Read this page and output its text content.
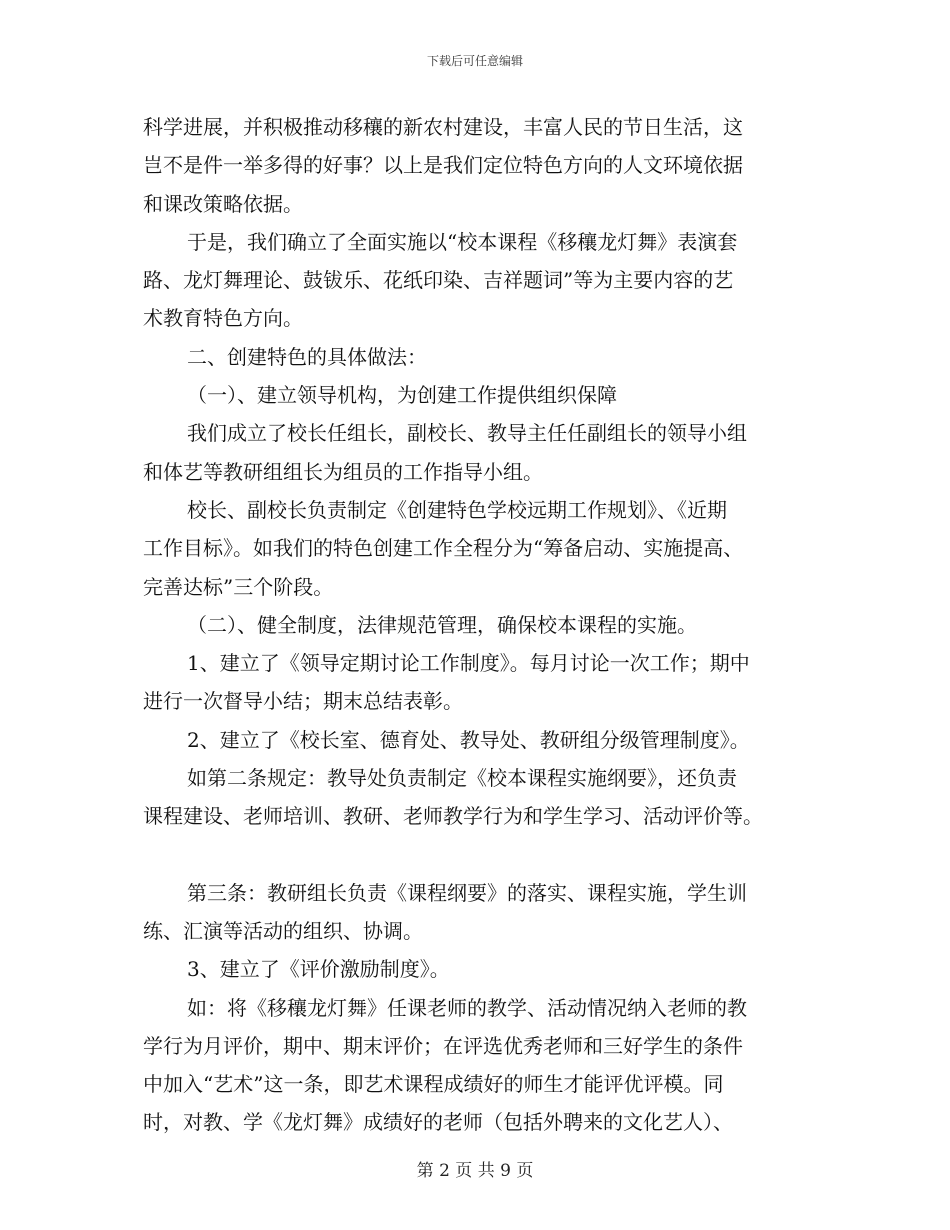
下载后可任意编辑
科学进展，并积极推动移穰的新农村建设，丰富人民的节日生活，这
岂不是件一举多得的好事？以上是我们定位特色方向的人文环境依据
和课改策略依据。
于是，我们确立了全面实施以“校本课程《移穰龙灯舞》表演套
路、龙灯舞理论、鼓钹乐、花纸印染、吉祥题词”等为主要内容的艺
术教育特色方向。
二、创建特色的具体做法：
（一）、建立领导机构，为创建工作提供组织保障
我们成立了校长任组长，副校长、教导主任任副组长的领导小组
和体艺等教研组组长为组员的工作指导小组。
校长、副校长负责制定《创建特色学校远期工作规划》、《近期
工作目标》。如我们的特色创建工作全程分为“筹备启动、实施提高、
完善达标”三个阶段。
（二）、健全制度，法律规范管理，确保校本课程的实施。
1、建立了《领导定期讨论工作制度》。每月讨论一次工作；期中
进行一次督导小结；期末总结表彰。
2、建立了《校长室、德育处、教导处、教研组分级管理制度》。
如第二条规定：教导处负责制定《校本课程实施纲要》，还负责
课程建设、老师培训、教研、老师教学行为和学生学习、活动评价等。
第三条：教研组长负责《课程纲要》的落实、课程实施，学生训
练、汇演等活动的组织、协调。
3、建立了《评价激励制度》。
如：将《移穰龙灯舞》任课老师的教学、活动情况纳入老师的教
学行为月评价，期中、期末评价；在评选优秀老师和三好学生的条件
中加入“艺术”这一条，即艺术课程成绩好的师生才能评优评模。同
时，对教、学《龙灯舞》成绩好的老师（包括外聘来的文化艺人）、
第 2 页 共 9 页
